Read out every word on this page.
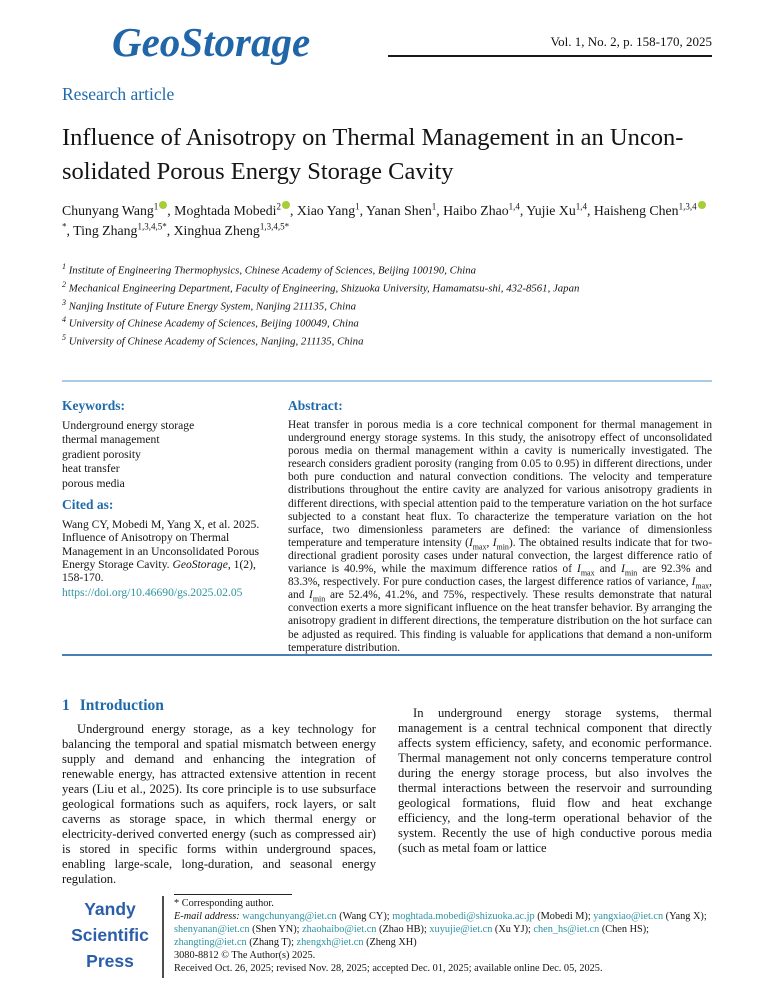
GeoStorage	Vol. 1, No. 2, p. 158-170, 2025
Research article
Influence of Anisotropy on Thermal Management in an Uncon-
solidated Porous Energy Storage Cavity
Chunyang Wang$^1$ , Moghtada Mobedi$^2$ , Xiao Yang$^1$, Yanan Shen$^1$, Haibo Zhao$^{1,4}$, Yujie Xu$^{1,4}$, Haisheng Chen$^{1,3,4*}$, Ting Zhang$^{1,3,4,5*}$, Xinghua Zheng$^{1,3,4,5*}$
$^1$ Institute of Engineering Thermophysics, Chinese Academy of Sciences, Beijing 100190, China
$^2$ Mechanical Engineering Department, Faculty of Engineering, Shizuoka University, Hamamatsu-shi, 432-8561, Japan
$^3$ Nanjing Institute of Future Energy System, Nanjing 211135, China
$^4$ University of Chinese Academy of Sciences, Beijing 100049, China
$^5$ University of Chinese Academy of Sciences, Nanjing, 211135, China
Keywords:
Underground energy storage
thermal management
gradient porosity
heat transfer
porous media
Cited as:
Wang CY, Mobedi M, Yang X, et al. 2025. Influence of Anisotropy on Thermal Management in an Unconsolidated Porous Energy Storage Cavity. GeoStorage, 1(2), 158-170.
https://doi.org/10.46690/gs.2025.02.05
Abstract:
Heat transfer in porous media is a core technical component for thermal management in underground energy storage systems. In this study, the anisotropy effect of unconsolidated porous media on thermal management within a cavity is numerically investigated. The research considers gradient porosity (ranging from 0.05 to 0.95) in different directions, under both pure conduction and natural convection conditions. The velocity and temperature distributions throughout the entire cavity are analyzed for various anisotropy gradients in different directions, with special attention paid to the temperature variation on the hot surface subjected to a constant heat flux. To characterize the temperature variation on the hot surface, two dimensionless parameters are defined: the variance of dimensionless temperature and temperature intensity ($I_{max}$, $I_{min}$). The obtained results indicate that for two-directional gradient porosity cases under natural convection, the largest difference ratio of variance is 40.9%, while the maximum difference ratios of $I_{max}$ and $I_{min}$ are 92.3% and 83.3%, respectively. For pure conduction cases, the largest difference ratios of variance, $I_{max}$, and $I_{min}$ are 52.4%, 41.2%, and 75%, respectively. These results demonstrate that natural convection exerts a more significant influence on the heat transfer behavior. By arranging the anisotropy gradient in different directions, the temperature distribution on the hot surface can be adjusted as required. This finding is valuable for applications that demand a non-uniform temperature distribution.
1 Introduction

Underground energy storage, as a key technology for balancing the temporal and spatial mismatch between energy supply and demand and enhancing the integration of renewable energy, has attracted extensive attention in recent years (Liu et al., 2025). Its core principle is to use subsurface geological formations such as aquifers, rock layers, or salt caverns as storage space, in which thermal energy or electricity-derived converted energy (such as compressed air) is stored in specific forms within underground spaces, enabling large-scale, long-duration, and seasonal energy regulation.

In underground energy storage systems, thermal management is a central technical component that directly affects system efficiency, safety, and economic performance. Thermal management not only concerns temperature control during the energy storage process, but also involves the thermal interactions between the reservoir and surrounding geological formations, fluid flow and heat exchange efficiency, and the long-term operational behavior of the system. Recently the use of high conductive porous media (such as metal foam or lattice

Yandy
Scientific
Press
* Corresponding author.
E-mail address: wangchunyang@iet.cn (Wang CY); moghtada.mobedi@shizuoka.ac.jp (Mobedi M); yangxiao@iet.cn (Yang X); shenyanan@iet.cn (Shen YN); zhaohaibo@iet.cn (Zhao HB); xuyujie@iet.cn (Xu YJ); chen_hs@iet.cn (Chen HS); zhangting@iet.cn (Zhang T); zhengxh@iet.cn (Zheng XH)
3080-8812 © The Author(s) 2025.
Received Oct. 26, 2025; revised Nov. 28, 2025; accepted Dec. 01, 2025; available online Dec. 05, 2025.
